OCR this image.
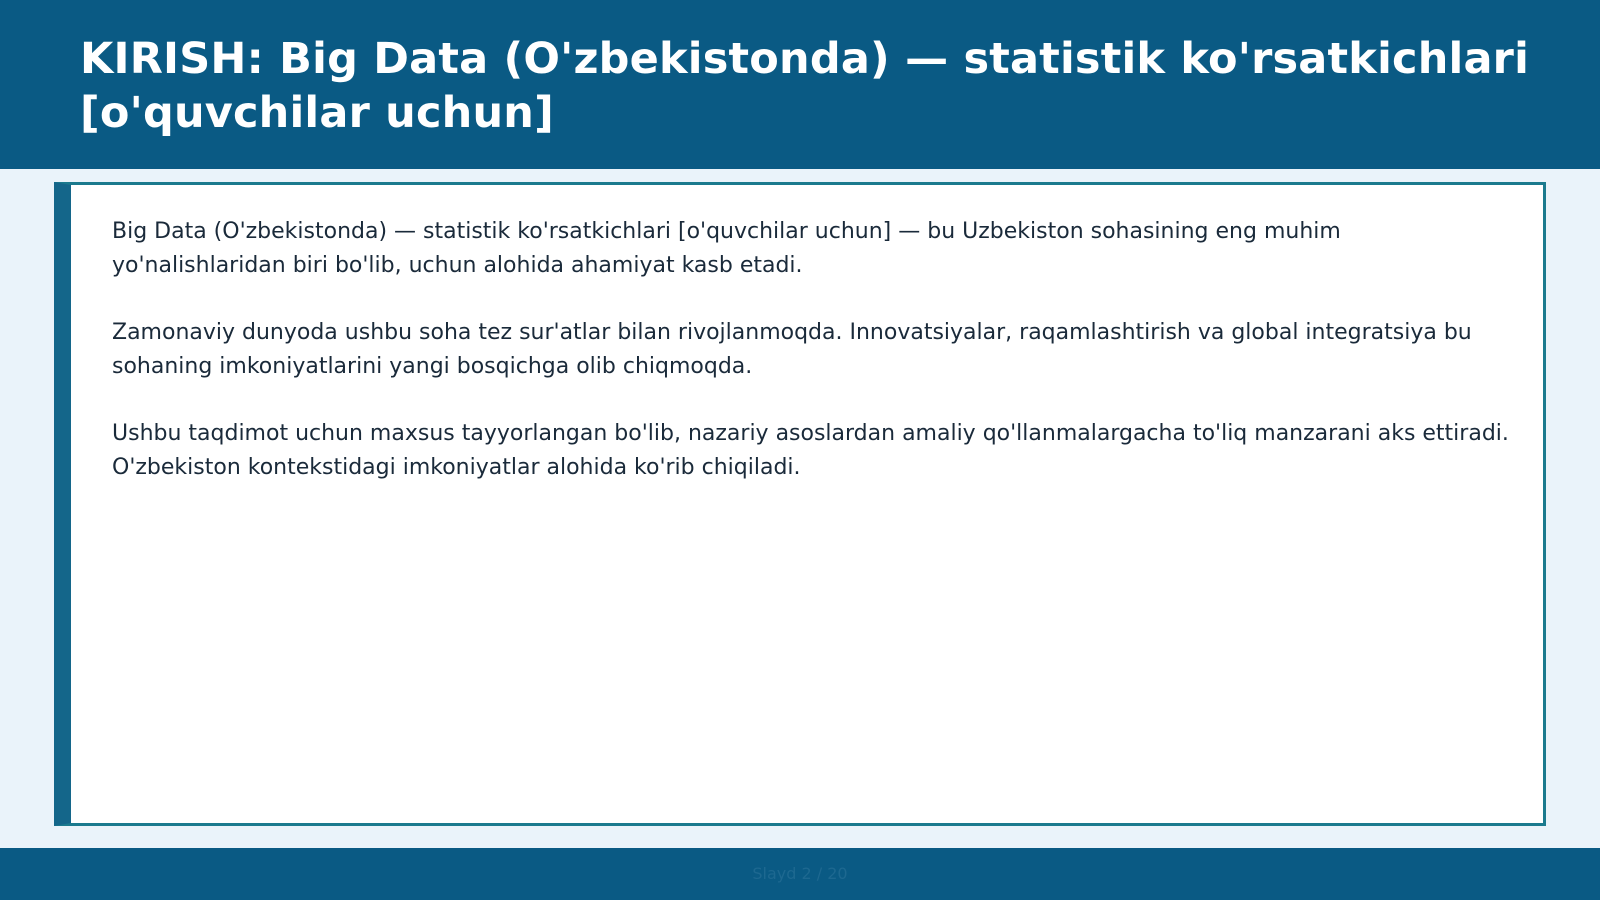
KIRISH: Big Data (O'zbekistonda) — statistik ko'rsatkichlari [o'quvchilar uchun]

Big Data (O'zbekistonda) — statistik ko'rsatkichlari [o'quvchilar uchun] — bu Uzbekiston sohasining eng muhim yo'nalishlaridan biri bo'lib, uchun alohida ahamiyat kasb etadi.

Zamonaviy dunyoda ushbu soha tez sur'atlar bilan rivojlanmoqda. Innovatsiyalar, raqamlashtirish va global integratsiya bu sohaning imkoniyatlarini yangi bosqichga olib chiqmoqda.

Ushbu taqdimot uchun maxsus tayyorlangan bo'lib, nazariy asoslardan amaliy qo'llanmalargacha to'liq manzarani aks ettiradi. O'zbekiston kontekstidagi imkoniyatlar alohida ko'rib chiqiladi.

Slayd 2 / 20
